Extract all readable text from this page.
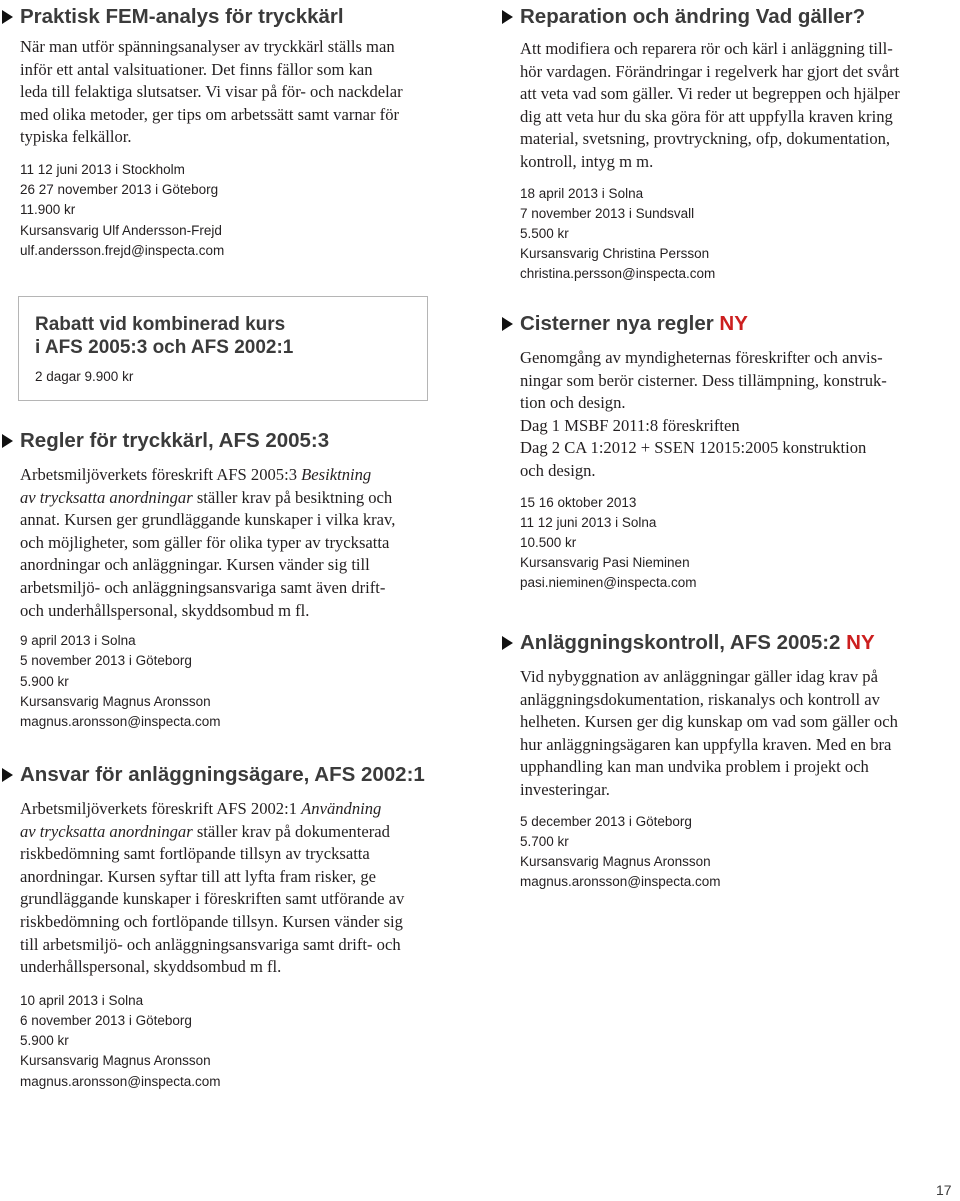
Praktisk FEM-analys för tryckkärl

När man utför spänningsanalyser av tryckkärl ställs man
inför ett antal valsituationer. Det finns fällor som kan
leda till felaktiga slutsatser. Vi visar på för- och nackdelar
med olika metoder, ger tips om arbetssätt samt varnar för
typiska felkällor.

11 12 juni 2013 i Stockholm
26 27 november 2013 i Göteborg
11.900 kr
Kursansvarig Ulf Andersson-Frejd
ulf.andersson.frejd@inspecta.com

Rabatt vid kombinerad kurs
i AFS 2005:3 och AFS 2002:1
2 dagar 9.900 kr
Regler för tryckkärl, AFS 2005:3

Arbetsmiljöverkets föreskrift AFS 2005:3 Besiktning
av trycksatta anordningar ställer krav på besiktning och
annat. Kursen ger grundläggande kunskaper i vilka krav,
och möjligheter, som gäller för olika typer av trycksatta
anordningar och anläggningar. Kursen vänder sig till
arbetsmiljö- och anläggningsansvariga samt även drift-
och underhållspersonal, skyddsombud m fl.

9 april 2013 i Solna
5 november 2013 i Göteborg
5.900 kr
Kursansvarig Magnus Aronsson
magnus.aronsson@inspecta.com

Ansvar för anläggningsägare, AFS 2002:1

Arbetsmiljöverkets föreskrift AFS 2002:1 Användning
av trycksatta anordningar ställer krav på dokumenterad
riskbedömning samt fortlöpande tillsyn av trycksatta
anordningar. Kursen syftar till att lyfta fram risker, ge
grundläggande kunskaper i föreskriften samt utförande av
riskbedömning och fortlöpande tillsyn. Kursen vänder sig
till arbetsmiljö- och anläggningsansvariga samt drift- och
underhållspersonal, skyddsombud m fl.

10 april 2013 i Solna
6 november 2013 i Göteborg
5.900 kr
Kursansvarig Magnus Aronsson
magnus.aronsson@inspecta.com

Reparation och ändring Vad gäller?

Att modifiera och reparera rör och kärl i anläggning till-
hör vardagen. Förändringar i regelverk har gjort det svårt
att veta vad som gäller. Vi reder ut begreppen och hjälper
dig att veta hur du ska göra för att uppfylla kraven kring
material, svetsning, provtryckning, ofp, dokumentation,
kontroll, intyg m m.

18 april 2013 i Solna
7 november 2013 i Sundsvall
5.500 kr
Kursansvarig Christina Persson
christina.persson@inspecta.com

Cisterner nya regler NY

Genomgång av myndigheternas föreskrifter och anvis-
ningar som berör cisterner. Dess tillämpning, konstruk-
tion och design.
Dag 1 MSBF 2011:8 föreskriften
Dag 2 CA 1:2012 + SSEN 12015:2005 konstruktion
och design.

15 16 oktober 2013
11 12 juni 2013 i Solna
10.500 kr
Kursansvarig Pasi Nieminen
pasi.nieminen@inspecta.com

Anläggningskontroll, AFS 2005:2 NY

Vid nybyggnation av anläggningar gäller idag krav på
anläggningsdokumentation, riskanalys och kontroll av
helheten. Kursen ger dig kunskap om vad som gäller och
hur anläggningsägaren kan uppfylla kraven. Med en bra
upphandling kan man undvika problem i projekt och
investeringar.

5 december 2013 i Göteborg
5.700 kr
Kursansvarig Magnus Aronsson
magnus.aronsson@inspecta.com

17
